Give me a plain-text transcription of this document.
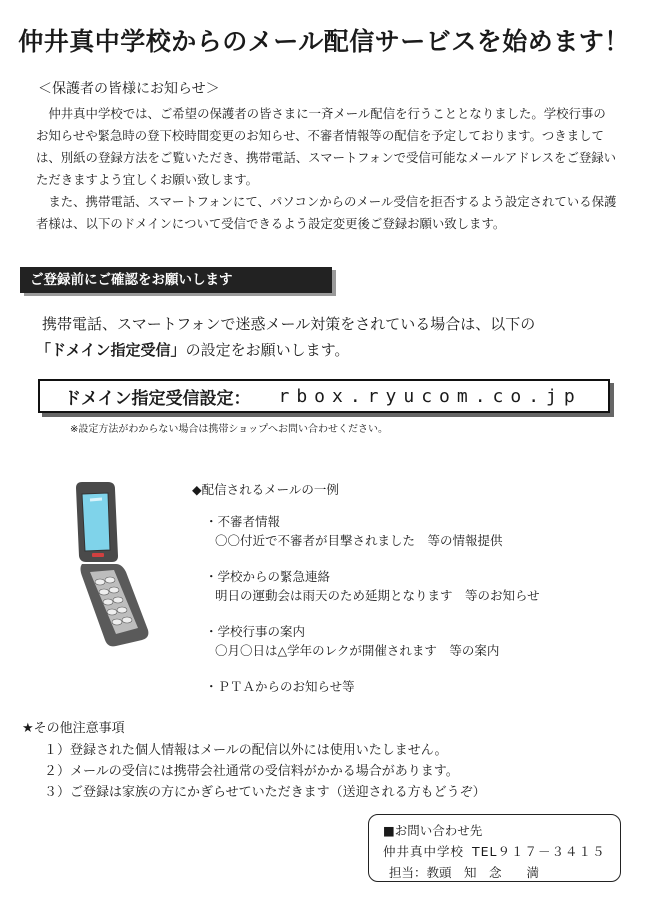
仲井真中学校からのメール配信サービスを始めます！
＜保護者の皆様にお知らせ＞

仲井真中学校では、ご希望の保護者の皆さまに一斉メール配信を行うこととなりました。学校行事のお知らせや緊急時の登下校時間変更のお知らせ、不審者情報等の配信を予定しております。つきましては、別紙の登録方法をご覧いただき、携帯電話、スマートフォンで受信可能なメールアドレスをご登録いただきますよう宜しくお願い致します。

また、携帯電話、スマートフォンにて、パソコンからのメール受信を拒否するよう設定されている保護者様は、以下のドメインについて受信できるよう設定変更後ご登録お願い致します。

ご登録前にご確認をお願いします
携帯電話、スマートフォンで迷惑メール対策をされている場合は、以下の
「ドメイン指定受信」の設定をお願いします。
ドメイン指定受信設定： rbox.ryucom.co.jp
※設定方法がわからない場合は携帯ショップへお問い合わせください。
◆配信されるメールの一例
・不審者情報
〇〇付近で不審者が目撃されました　等の情報提供
・学校からの緊急連絡
明日の運動会は雨天のため延期となります　等のお知らせ
・学校行事の案内
〇月〇日は△学年のレクが開催されます　等の案内
・ＰＴＡからのお知らせ等
★その他注意事項
１）登録された個人情報はメールの配信以外には使用いたしません。
２）メールの受信には携帯会社通常の受信料がかかる場合があります。
３）ご登録は家族の方にかぎらせていただきます（送迎される方もどうぞ）
■お問い合わせ先
仲井真中学校 TEL９１７－３４１５
担当：教頭　知　念　　満
